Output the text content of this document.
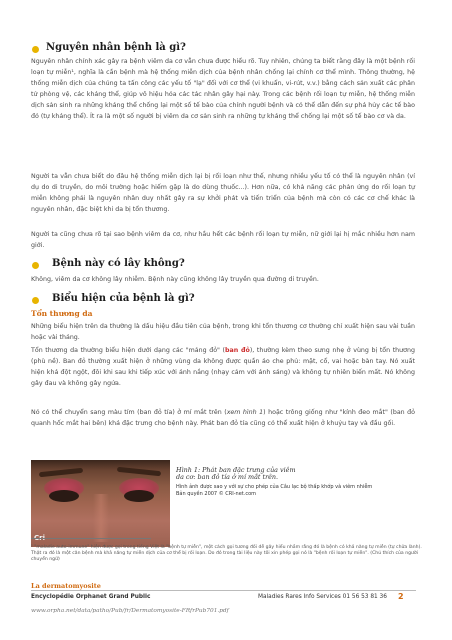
Nguyên nhân bệnh là gì?
Nguyên nhân chính xác gây ra bệnh viêm da cơ vẫn chưa được hiểu rõ. Tuy nhiên, chúng ta biết rằng đây là một bệnh rối loạn tự miễn¹, nghĩa là cần bệnh mà hệ thống miễn dịch của bệnh nhân chống lại chính cơ thể mình. Thông thường, hệ thống miễn dịch của chúng ta tấn công các yếu tố "lạ" đối với cơ thể (vi khuẩn, vi-rút, v.v.) bằng cách sản xuất các phân tử phòng vệ, các kháng thể, giúp vô hiệu hóa các tác nhân gây hại này. Trong các bệnh rối loạn tự miễn, hệ thống miễn dịch sản sinh ra những kháng thể chống lại một số tế bào của chính người bệnh và có thể dẫn đến sự phá hủy các tế bào đó (tự kháng thể). Ít ra là một số người bị viêm da cơ sản sinh ra những tự kháng thể chống lại một số tế bào cơ và da.
Người ta vẫn chưa biết do đâu hệ thống miễn dịch lại bị rối loạn như thế, nhưng nhiều yếu tố có thể là nguyên nhân (ví dụ do di truyền, do môi trường hoặc hiếm gặp là do dùng thuốc...). Hơn nữa, có khả năng các phản ứng do rối loạn tự miễn không phải là nguyên nhân duy nhất gây ra sự khởi phát và tiến triển của bệnh mà còn có các cơ chế khác là nguyên nhân, đặc biệt khi da bị tổn thương.
Người ta cũng chưa rõ tại sao bệnh viêm da cơ, như hầu hết các bệnh rối loạn tự miễn, nữ giới lại hị mắc nhiều hơn nam giới.
Bệnh này có lây không?
Không, viêm da cơ không lây nhiễm. Bệnh này cũng không lây truyền qua đường di truyền.
Biểu hiện của bệnh là gì?
Tổn thương da
Những biểu hiện trên da thường là dấu hiệu đầu tiên của bệnh, trong khi tổn thương cơ thường chỉ xuất hiện sau vài tuần hoặc vài tháng.
Tổn thương da thường biểu hiện dưới dạng các "mảng đỏ" (ban đỏ), thường kèm theo sưng nhẹ ở vùng bị tổn thương (phù nề). Ban đỏ thường xuất hiện ở những vùng da không được quần áo che phủ: mặt, cổ, vai hoặc bàn tay. Nó xuất hiện khá đột ngột, đôi khi sau khi tiếp xúc với ánh nắng (nhạy cảm với ánh sáng) và không tự nhiên biến mất. Nó không gây đau và không gây ngứa.
Nó có thể chuyển sang màu tím (ban đỏ tía) ở mí mắt trên (xem hình 1) hoặc trông giống như "kính đeo mắt" (ban đỏ quanh hốc mắt hai bên) khá đặc trưng cho bệnh này. Phát ban đỏ tía cũng có thể xuất hiện ở khuỷu tay và đầu gối.
Cri
Hình 1: Phát ban đặc trưng của viêm da cơ: ban đỏ tía ở mí mắt trên.
Hình ảnh được sao y với sự cho phép của Câu lạc bộ thấp khớp và viêm nhiễm
Bản quyền 2007 © CRI-net.com
¹ "maladie auto-immune" hiện được gọi trong tiếng Việt là "bệnh tự miễn", một cách gọi tương đối dễ gây hiểu nhầm rằng đó là bệnh có khả năng tự miễn (tự chữa lành). Thật ra đó là một căn bệnh mà khả năng tự miễn dịch của cơ thể bị rối loạn. Do đó trong tài liệu này tôi xin phép gọi nó là "bệnh rối loạn tự miễn". (Chú thích của người chuyển ngữ)
La dermatomyosite
Encyclopédie Orphanet Grand Public	Maladies Rares Info Services 01 56 53 81 36 2
www.orpha.net/data/patho/Pub/fr/Dermatomyosite-FRfrPub701.pdf
